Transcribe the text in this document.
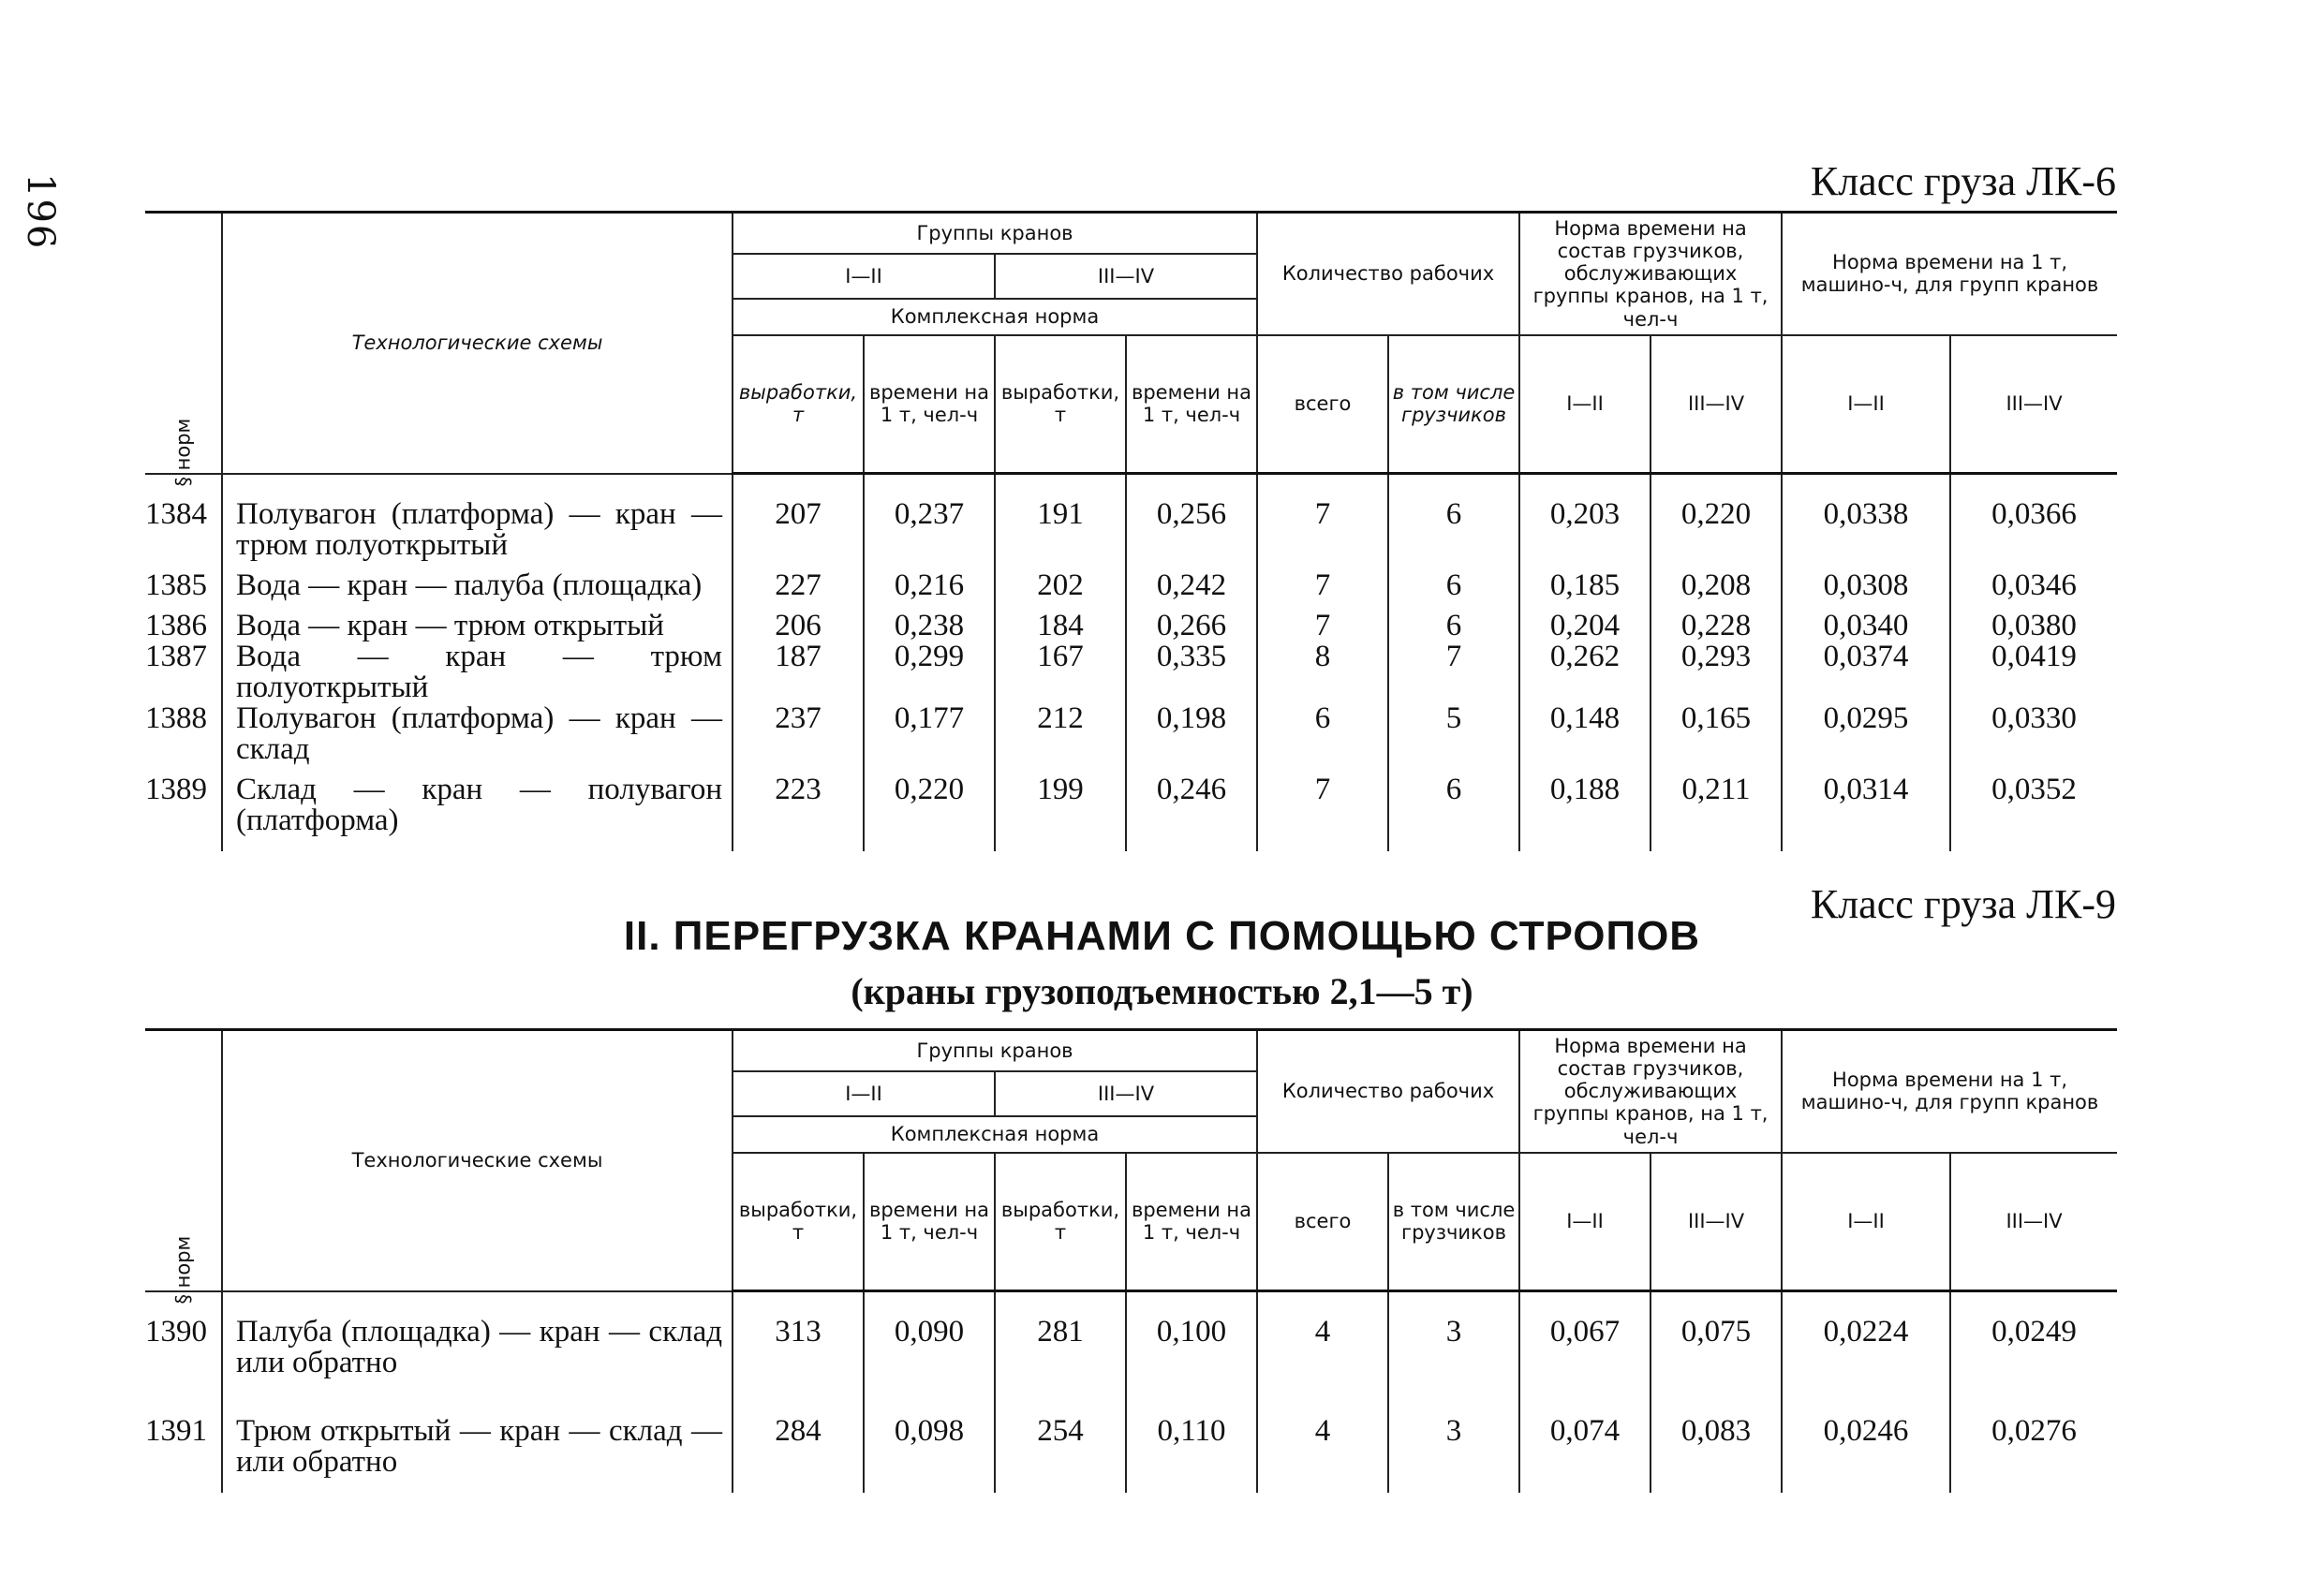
196	Класс груза ЛК-6
§ норм	Технологические схемы	Группы кранов				Количество рабочих		Норма времени на состав грузчиков, обслуживающих группы кранов, на 1 т, чел-ч		Норма времени на 1 т, машино-ч, для групп кранов	
		I—II		III—IV							
		Комплексная норма									
		выработки, т	времени на 1 т, чел-ч	выработки, т	времени на 1 т, чел-ч	всего	в том числе грузчиков	I—II	III—IV	I—II	III—IV
1384	Полувагон (платформа) — кран — трюм полуоткрытый	207	0,237	191	0,256	7	6	0,203	0,220	0,0338	0,0366
1385	Вода — кран — палуба (площадка)	227	0,216	202	0,242	7	6	0,185	0,208	0,0308	0,0346
1386	Вода — кран — трюм открытый	206	0,238	184	0,266	7	6	0,204	0,228	0,0340	0,0380
1387	Вода — кран — трюм полуоткрытый	187	0,299	167	0,335	8	7	0,262	0,293	0,0374	0,0419
1388	Полувагон (платформа) — кран — склад	237	0,177	212	0,198	6	5	0,148	0,165	0,0295	0,0330
1389	Склад — кран — полувагон (платформа)	223	0,220	199	0,246	7	6	0,188	0,211	0,0314	0,0352
Класс груза ЛК-9
II. ПЕРЕГРУЗКА КРАНАМИ С ПОМОЩЬЮ СТРОПОВ
(краны грузоподъемностью 2,1—5 т)
§ норм	Технологические схемы	Группы кранов				Количество рабочих		Норма времени на состав грузчиков, обслуживающих группы кранов, на 1 т, чел-ч		Норма времени на 1 т, машино-ч, для групп кранов	
		I—II		III—IV							
		Комплексная норма									
		выработки, т	времени на 1 т, чел-ч	выработки, т	времени на 1 т, чел-ч	всего	в том числе грузчиков	I—II	III—IV	I—II	III—IV
1390	Палуба (площадка) — кран — склад или обратно	313	0,090	281	0,100	4	3	0,067	0,075	0,0224	0,0249
1391	Трюм открытый — кран — склад — или обратно	284	0,098	254	0,110	4	3	0,074	0,083	0,0246	0,0276
